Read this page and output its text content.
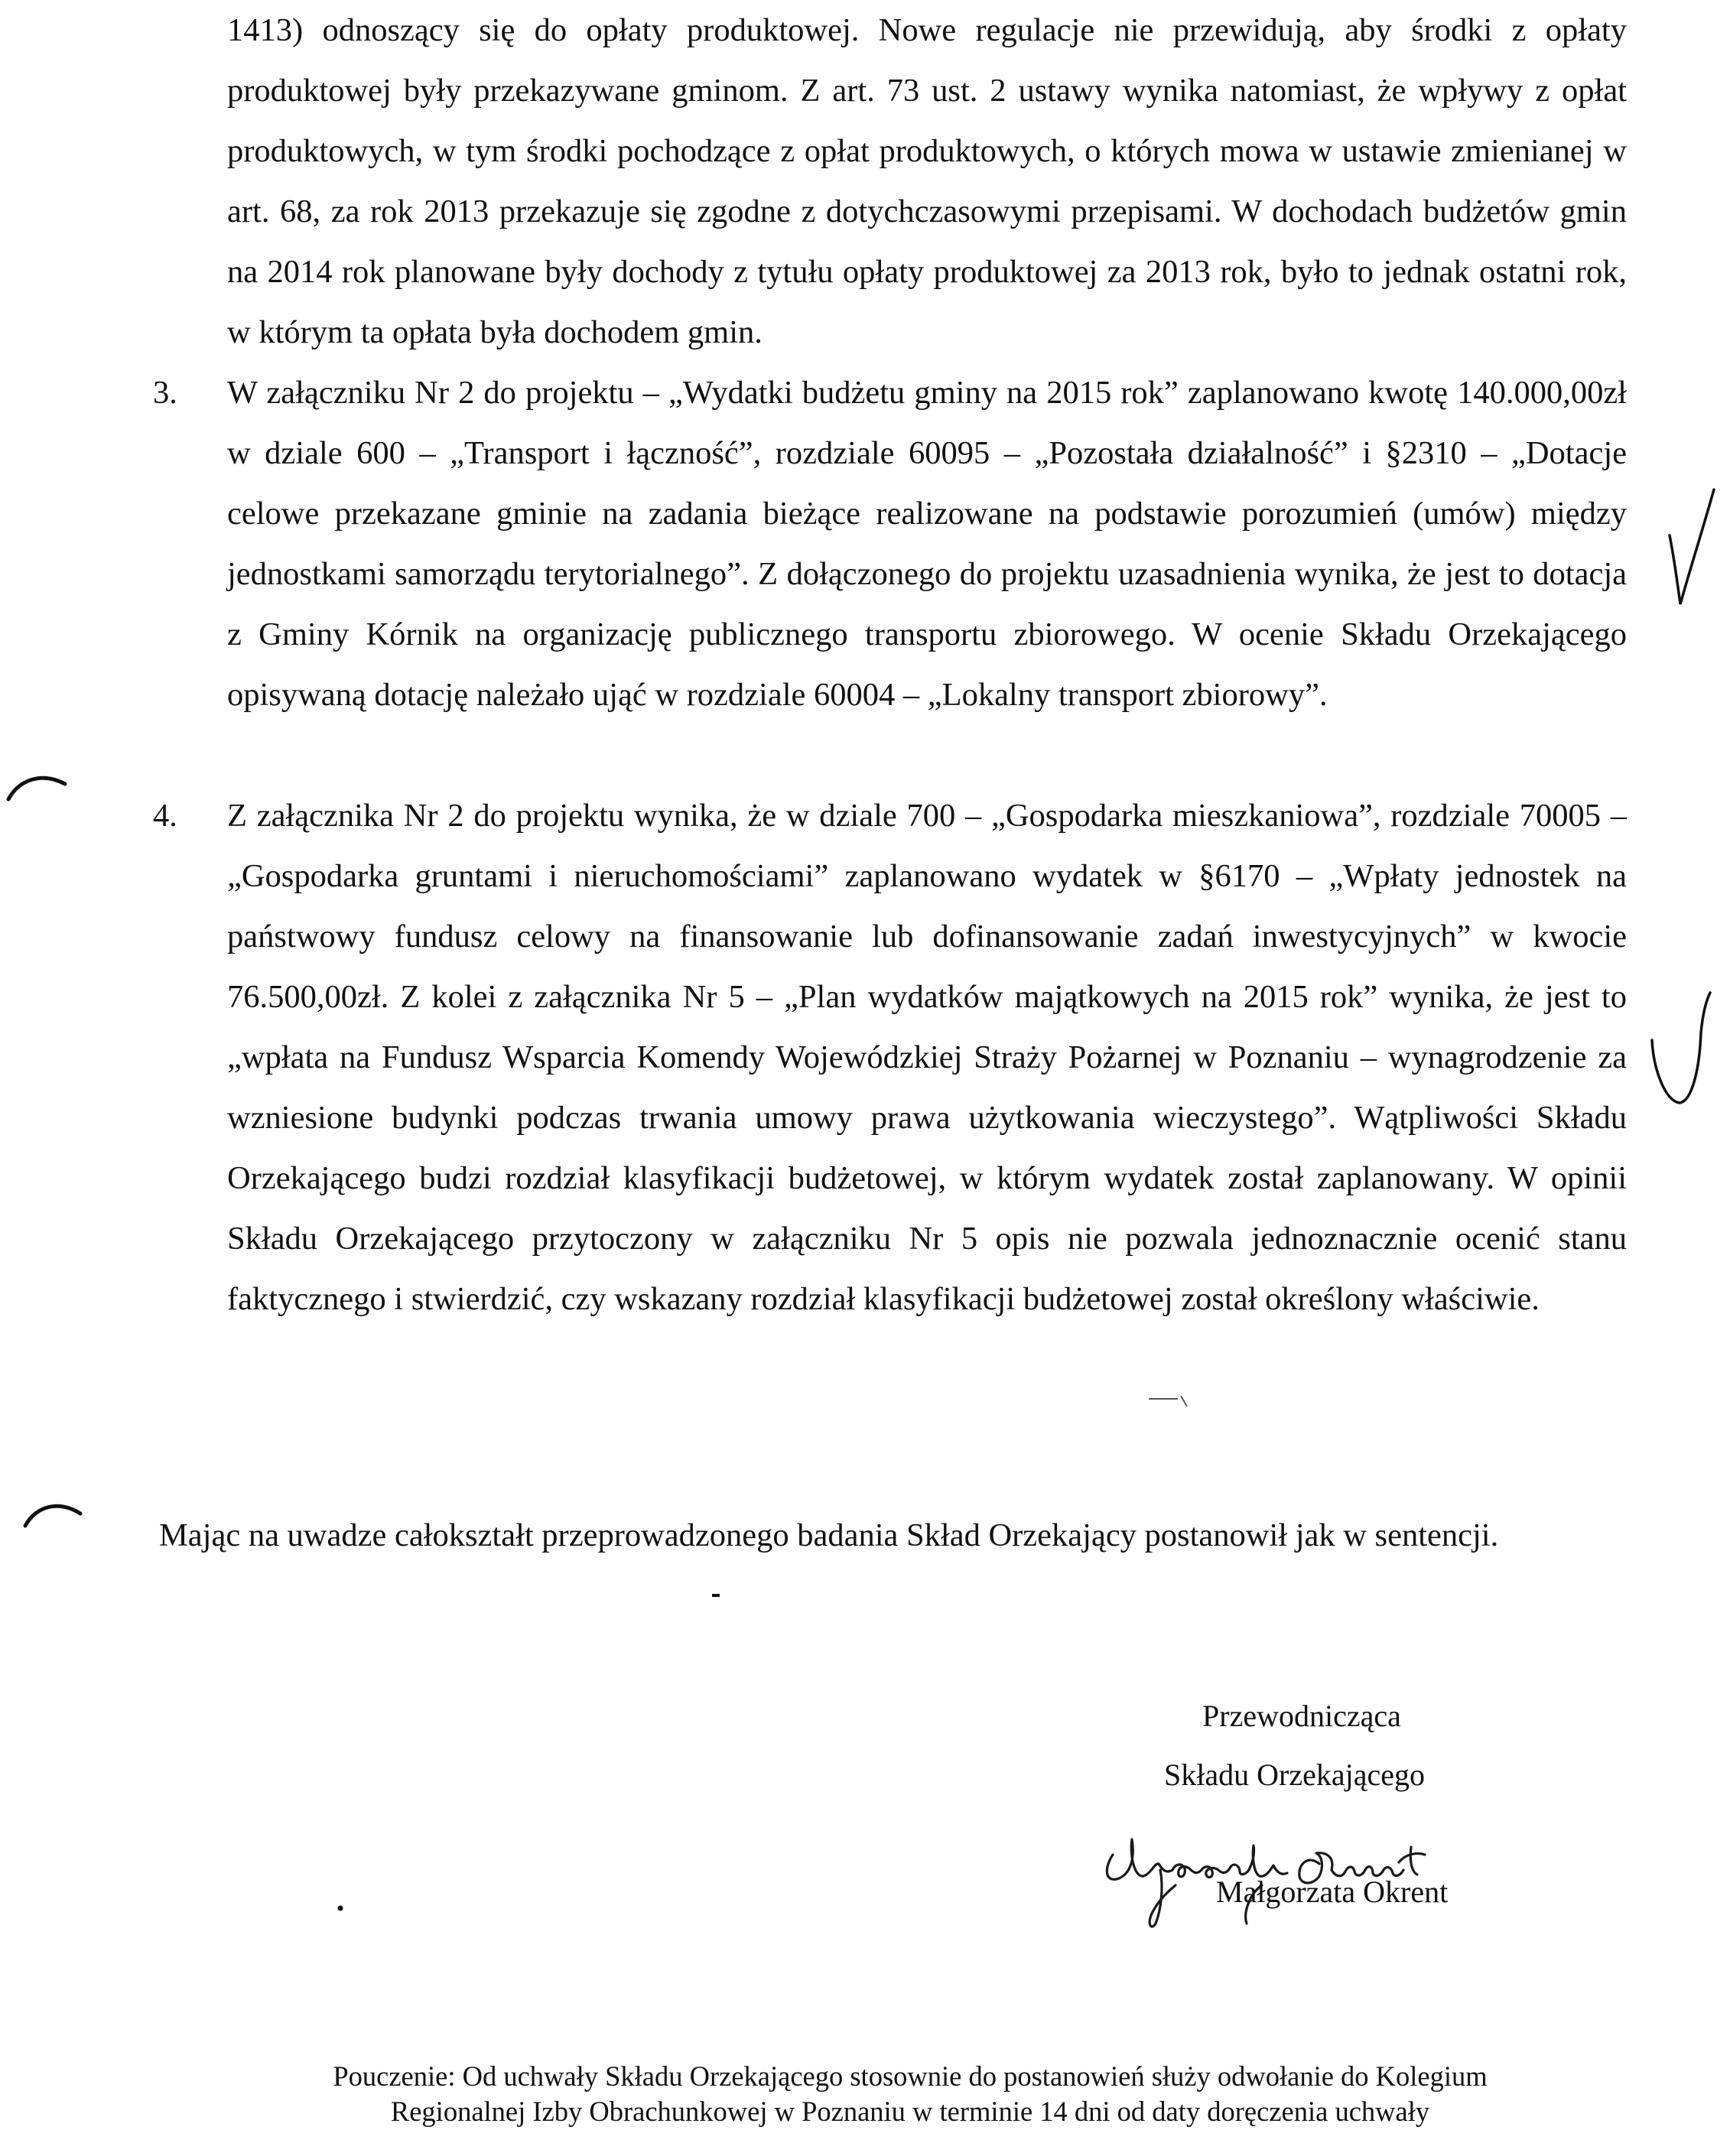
1413) odnoszący się do opłaty produktowej. Nowe regulacje nie przewidują, aby środki z opłaty produktowej były przekazywane gminom. Z art. 73 ust. 2 ustawy wynika natomiast, że wpływy z opłat produktowych, w tym środki pochodzące z opłat produktowych, o których mowa w ustawie zmienianej w art. 68, za rok 2013 przekazuje się zgodne z dotychczasowymi przepisami. W dochodach budżetów gmin na 2014 rok planowane były dochody z tytułu opłaty produktowej za 2013 rok, było to jednak ostatni rok, w którym ta opłata była dochodem gmin.

3. W załączniku Nr 2 do projektu – „Wydatki budżetu gminy na 2015 rok” zaplanowano kwotę 140.000,00zł w dziale 600 – „Transport i łączność”, rozdziale 60095 – „Pozostała działalność” i §2310 – „Dotacje celowe przekazane gminie na zadania bieżące realizowane na podstawie porozumień (umów) między jednostkami samorządu terytorialnego”. Z dołączonego do projektu uzasadnienia wynika, że jest to dotacja z Gminy Kórnik na organizację publicznego transportu zbiorowego. W ocenie Składu Orzekającego opisywaną dotację należało ująć w rozdziale 60004 – „Lokalny transport zbiorowy”.

4. Z załącznika Nr 2 do projektu wynika, że w dziale 700 – „Gospodarka mieszkaniowa”, rozdziale 70005 – „Gospodarka gruntami i nieruchomościami” zaplanowano wydatek w §6170 – „Wpłaty jednostek na państwowy fundusz celowy na finansowanie lub dofinansowanie zadań inwestycyjnych” w kwocie 76.500,00zł. Z kolei z załącznika Nr 5 – „Plan wydatków majątkowych na 2015 rok” wynika, że jest to „wpłata na Fundusz Wsparcia Komendy Wojewódzkiej Straży Pożarnej w Poznaniu – wynagrodzenie za wzniesione budynki podczas trwania umowy prawa użytkowania wieczystego”. Wątpliwości Składu Orzekającego budzi rozdział klasyfikacji budżetowej, w którym wydatek został zaplanowany. W opinii Składu Orzekającego przytoczony w załączniku Nr 5 opis nie pozwala jednoznacznie ocenić stanu faktycznego i stwierdzić, czy wskazany rozdział klasyfikacji budżetowej został określony właściwie.

Mając na uwadze całokształt przeprowadzonego badania Skład Orzekający postanowił jak w sentencji.
Przewodnicząca
Składu Orzekającego
Małgorzata Okrent

Pouczenie: Od uchwały Składu Orzekającego stosownie do postanowień służy odwołanie do Kolegium

Regionalnej Izby Obrachunkowej w Poznaniu w terminie 14 dni od daty doręczenia uchwały
